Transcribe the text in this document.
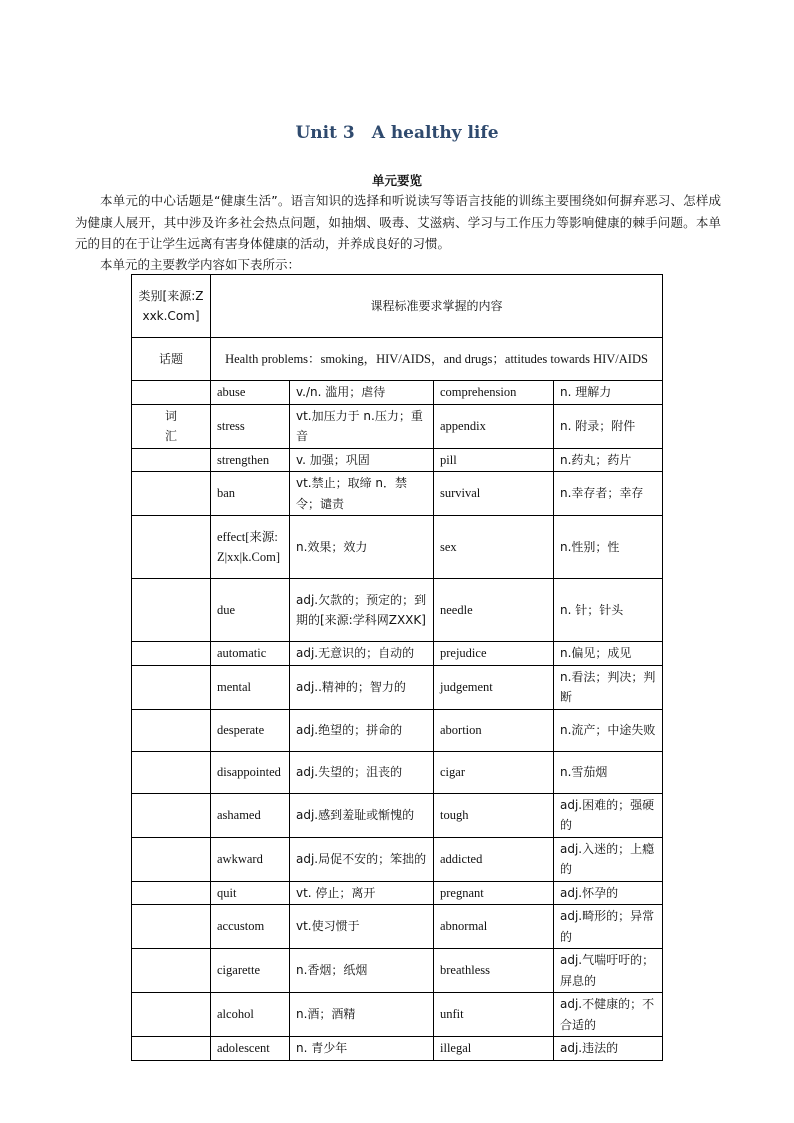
Unit 3　A healthy life
单元要览
本单元的中心话题是“健康生活”。语言知识的选择和听说读写等语言技能的训练主要围绕如何摒弃恶习、怎样成为健康人展开，其中涉及许多社会热点问题，如抽烟、吸毒、艾滋病、学习与工作压力等影响健康的棘手问题。本单元的目的在于让学生远离有害身体健康的活动，并养成良好的习惯。
本单元的主要教学内容如下表所示：
类别[来源:Zxxk.Com]	课程标准要求掌握的内容			
话题	Health problems：smoking，HIV/AIDS，and drugs；attitudes towards HIV/AIDS			
	abuse	v./n. 滥用；虐待	comprehension	n. 理解力
词汇	stress	vt.加压力于 n.压力；重音	appendix	n. 附录；附件
	strengthen	v. 加强；巩固	pill	n.药丸；药片
	ban	vt.禁止；取缔 n．禁令；谴责	survival	n.幸存者；幸存
	effect[来源:Z|xx|k.Com]	n.效果；效力	sex	n.性别；性
	due	adj.欠款的；预定的；到期的[来源:学科网ZXXK]	needle	n. 针；针头
	automatic	adj.无意识的；自动的	prejudice	n.偏见；成见
	mental	adj..精神的；智力的	judgement	n.看法；判决；判断
	desperate	adj.绝望的；拼命的	abortion	n.流产；中途失败
	disappointed	adj.失望的；沮丧的	cigar	n.雪茄烟
	ashamed	adj.感到羞耻或惭愧的	tough	adj.困难的；强硬的
	awkward	adj.局促不安的；笨拙的	addicted	adj.入迷的；上瘾的
	quit	vt. 停止；离开	pregnant	adj.怀孕的
	accustom	vt.使习惯于	abnormal	adj.畸形的；异常的
	cigarette	n.香烟；纸烟	breathless	adj.气喘吁吁的；屏息的
	alcohol	n.酒；酒精	unfit	adj.不健康的；不合适的
	adolescent	n. 青少年	illegal	adj.违法的
